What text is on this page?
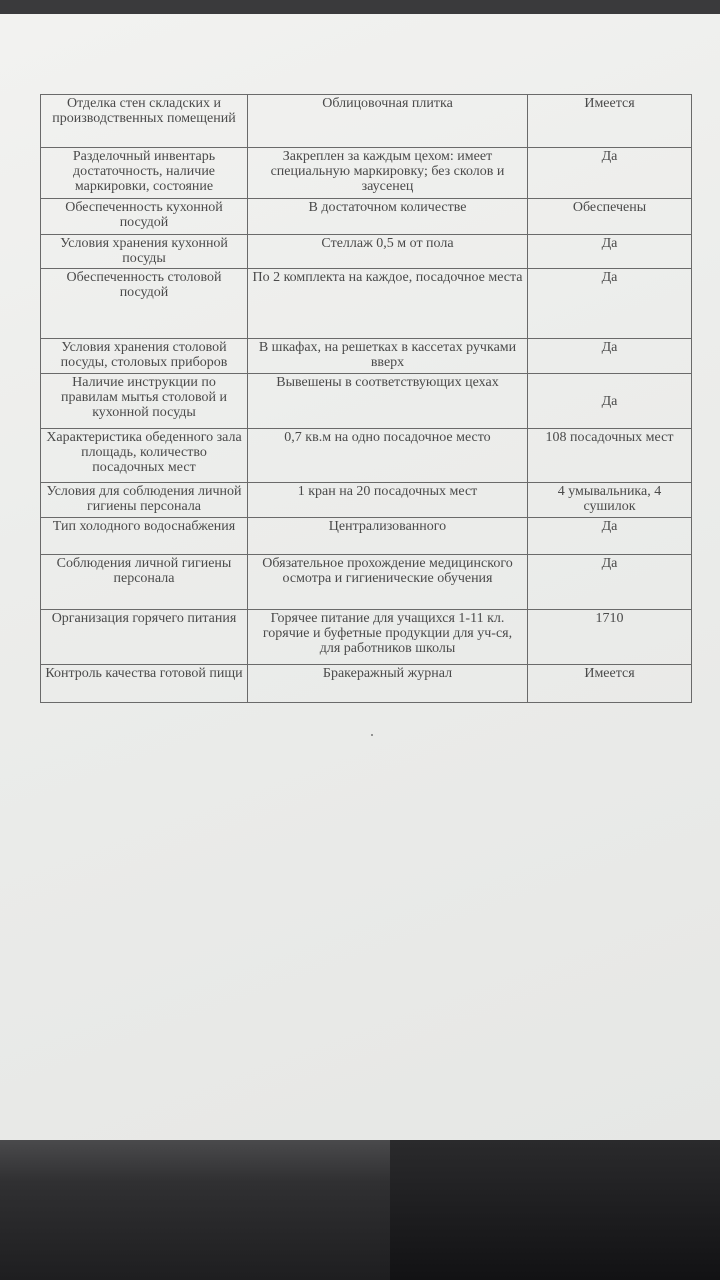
Отделка стен складских и производственных помещений	Облицовочная плитка	Имеется
Разделочный инвентарь достаточность, наличие маркировки, состояние	Закреплен за каждым цехом: имеет специальную маркировку; без сколов и заусенец	Да
Обеспеченность кухонной посудой	В достаточном количестве	Обеспечены
Условия хранения кухонной посуды	Стеллаж 0,5 м от пола	Да
Обеспеченность столовой посудой	По 2 комплекта на каждое, посадочное места	Да
Условия хранения столовой посуды, столовых приборов	В шкафах, на решетках в кассетах ручками вверх	Да
Наличие инструкции по правилам мытья столовой и кухонной посуды	Вывешены в соответствующих цехах	Да
Характеристика обеденного зала площадь, количество посадочных мест	0,7 кв.м на одно посадочное место	108 посадочных мест
Условия для соблюдения личной гигиены персонала	1 кран на 20 посадочных мест	4 умывальника, 4 сушилок
Тип холодного водоснабжения	Централизованного	Да
Соблюдения личной гигиены персонала	Обязательное прохождение медицинского осмотра и гигиенические обучения	Да
Организация горячего питания	Горячее питание для учащихся 1-11 кл. горячие и буфетные продукции для уч-ся, для работников школы	1710
Контроль качества готовой пищи	Бракеражный журнал	Имеется
